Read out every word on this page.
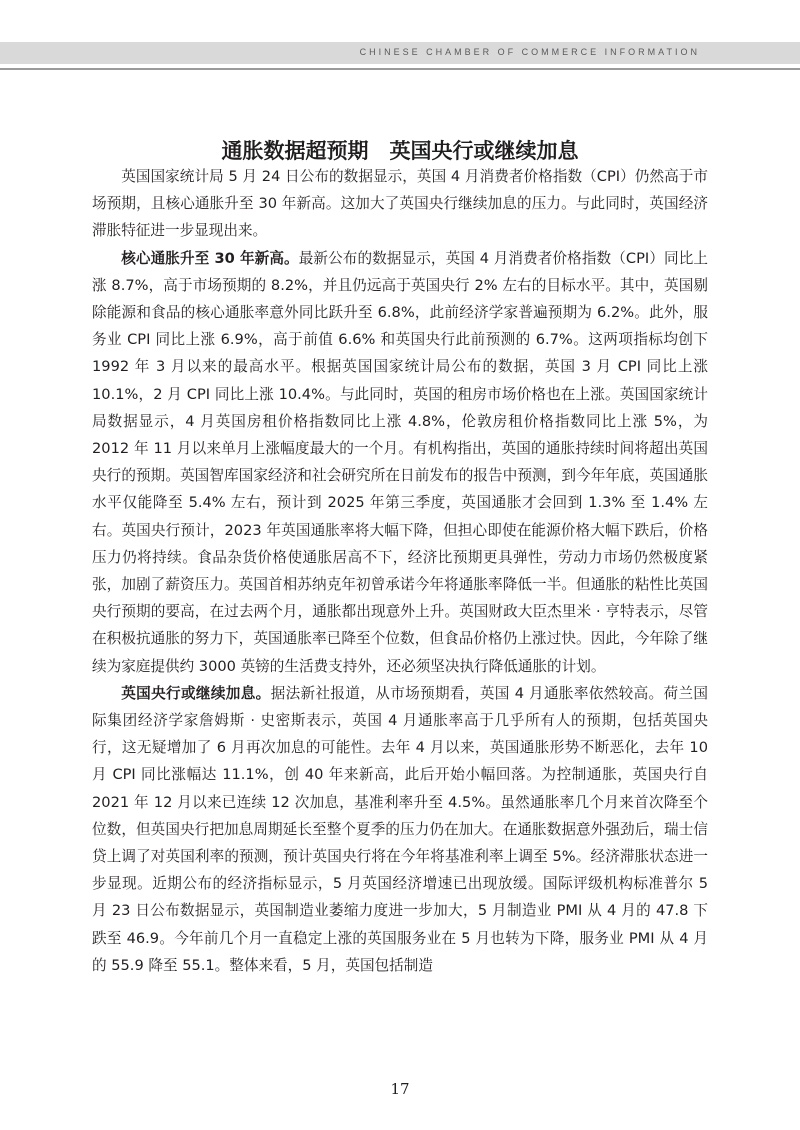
CHINESE CHAMBER OF COMMERCE INFORMATION
通胀数据超预期　英国央行或继续加息

英国国家统计局 5 月 24 日公布的数据显示，英国 4 月消费者价格指数（CPI）仍然高于市场预期，且核心通胀升至 30 年新高。这加大了英国央行继续加息的压力。与此同时，英国经济滞胀特征进一步显现出来。

核心通胀升至 30 年新高。最新公布的数据显示，英国 4 月消费者价格指数（CPI）同比上涨 8.7%，高于市场预期的 8.2%，并且仍远高于英国央行 2% 左右的目标水平。其中，英国剔除能源和食品的核心通胀率意外同比跃升至 6.8%，此前经济学家普遍预期为 6.2%。此外，服务业 CPI 同比上涨 6.9%，高于前值 6.6% 和英国央行此前预测的 6.7%。这两项指标均创下 1992 年 3 月以来的最高水平。根据英国国家统计局公布的数据，英国 3 月 CPI 同比上涨 10.1%，2 月 CPI 同比上涨 10.4%。与此同时，英国的租房市场价格也在上涨。英国国家统计局数据显示，4 月英国房租价格指数同比上涨 4.8%，伦敦房租价格指数同比上涨 5%，为 2012 年 11 月以来单月上涨幅度最大的一个月。有机构指出，英国的通胀持续时间将超出英国央行的预期。英国智库国家经济和社会研究所在日前发布的报告中预测，到今年年底，英国通胀水平仅能降至 5.4% 左右，预计到 2025 年第三季度，英国通胀才会回到 1.3% 至 1.4% 左右。英国央行预计，2023 年英国通胀率将大幅下降，但担心即使在能源价格大幅下跌后，价格压力仍将持续。食品杂货价格使通胀居高不下，经济比预期更具弹性，劳动力市场仍然极度紧张，加剧了薪资压力。英国首相苏纳克年初曾承诺今年将通胀率降低一半。但通胀的粘性比英国央行预期的要高，在过去两个月，通胀都出现意外上升。英国财政大臣杰里米 · 亨特表示，尽管在积极抗通胀的努力下，英国通胀率已降至个位数，但食品价格仍上涨过快。因此，今年除了继续为家庭提供约 3000 英镑的生活费支持外，还必须坚决执行降低通胀的计划。

英国央行或继续加息。据法新社报道，从市场预期看，英国 4 月通胀率依然较高。荷兰国际集团经济学家詹姆斯 · 史密斯表示，英国 4 月通胀率高于几乎所有人的预期，包括英国央行，这无疑增加了 6 月再次加息的可能性。去年 4 月以来，英国通胀形势不断恶化，去年 10 月 CPI 同比涨幅达 11.1%，创 40 年来新高，此后开始小幅回落。为控制通胀，英国央行自 2021 年 12 月以来已连续 12 次加息，基准利率升至 4.5%。虽然通胀率几个月来首次降至个位数，但英国央行把加息周期延长至整个夏季的压力仍在加大。在通胀数据意外强劲后，瑞士信贷上调了对英国利率的预测，预计英国央行将在今年将基准利率上调至 5%。经济滞胀状态进一步显现。近期公布的经济指标显示，5 月英国经济增速已出现放缓。国际评级机构标准普尔 5 月 23 日公布数据显示，英国制造业萎缩力度进一步加大，5 月制造业 PMI 从 4 月的 47.8 下跌至 46.9。今年前几个月一直稳定上涨的英国服务业在 5 月也转为下降，服务业 PMI 从 4 月的 55.9 降至 55.1。整体来看，5 月，英国包括制造

17
